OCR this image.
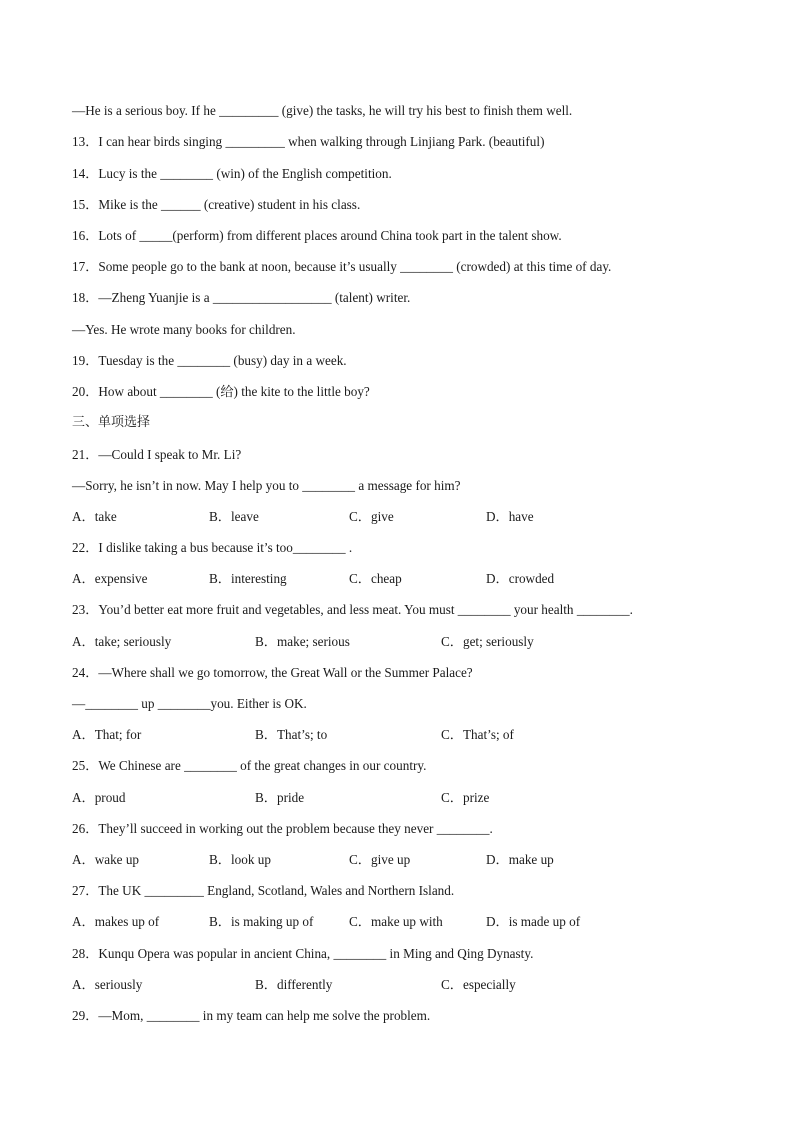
—He is a serious boy. If he _________ (give) the tasks, he will try his best to finish them well.
13．I can hear birds singing _________ when walking through Linjiang Park. (beautiful)
14．Lucy is the ________ (win) of the English competition.
15．Mike is the ______ (creative) student in his class.
16．Lots of _____(perform) from different places around China took part in the talent show.
17．Some people go to the bank at noon, because it’s usually ________ (crowded) at this time of day.
18．—Zheng Yuanjie is a __________________ (talent) writer.
—Yes. He wrote many books for children.
19．Tuesday is the ________ (busy) day in a week.
20．How about ________ (给) the kite to the little boy?
三、单项选择
21．—Could I speak to Mr. Li?
—Sorry, he isn’t in now. May I help you to ________ a message for him?
A．take	B．leave	C．give	D．have
22．I dislike taking a bus because it’s too________ .
A．expensive	B．interesting	C．cheap	D．crowded
23．You’d better eat more fruit and vegetables, and less meat. You must ________ your health ________.
A．take; seriously	B．make; serious	C．get; seriously
24．—Where shall we go tomorrow, the Great Wall or the Summer Palace?
—________ up ________you. Either is OK.
A．That; for	B．That’s; to	C．That’s; of
25．We Chinese are ________ of the great changes in our country.
A．proud	B．pride	C．prize
26．They’ll succeed in working out the problem because they never ________.
A．wake up	B．look up	C．give up	D．make up
27．The UK _________ England, Scotland, Wales and Northern Island.
A．makes up of	B．is making up of	C．make up with	D．is made up of
28．Kunqu Opera was popular in ancient China, ________ in Ming and Qing Dynasty.
A．seriously	B．differently	C．especially
29．—Mom, ________ in my team can help me solve the problem.
